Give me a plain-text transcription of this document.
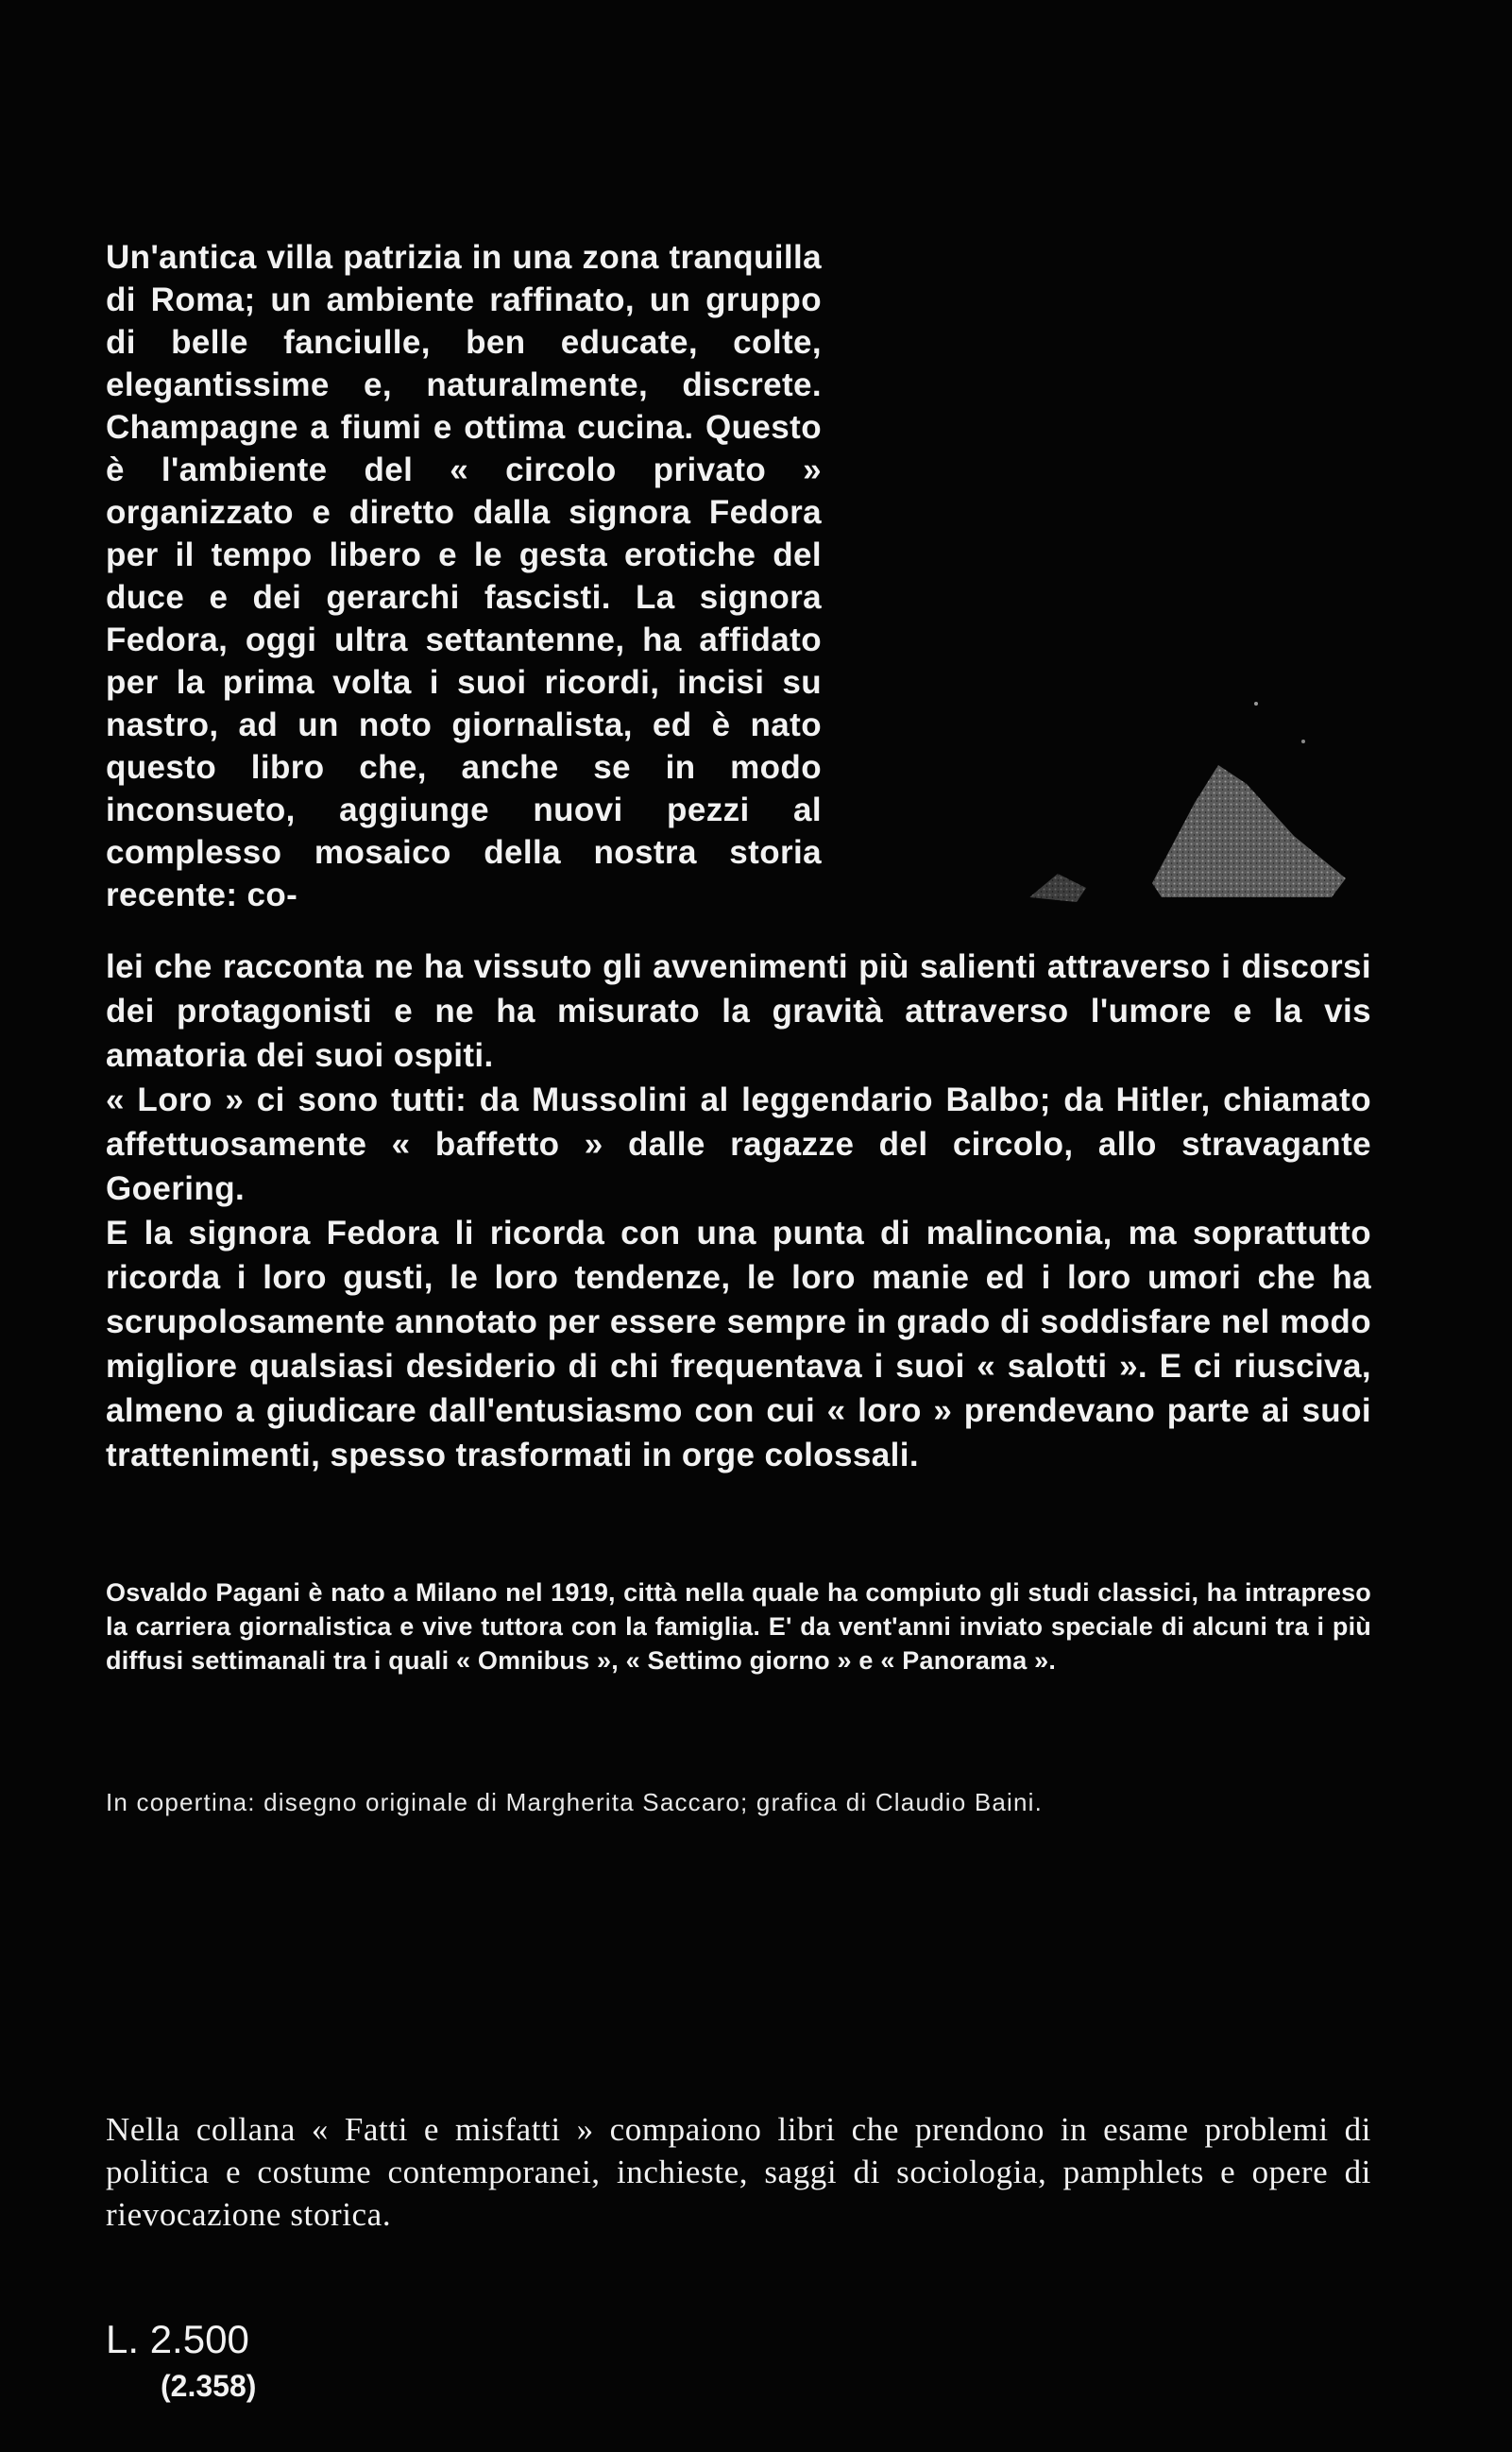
Un'antica villa patrizia in una zona tranquilla di Roma; un ambiente raffinato, un gruppo di belle fanciulle, ben educate, colte, elegantissime e, naturalmente, discrete. Champagne a fiumi e ottima cucina. Questo è l'ambiente del « circolo privato » organizzato e diretto dalla signora Fedora per il tempo libero e le gesta erotiche del duce e dei gerarchi fascisti. La signora Fedora, oggi ultra settantenne, ha affidato per la prima volta i suoi ricordi, incisi su nastro, ad un noto giornalista, ed è nato questo libro che, anche se in modo inconsueto, aggiunge nuovi pezzi al complesso mosaico della nostra storia recente: co-

lei che racconta ne ha vissuto gli avvenimenti più salienti attraverso i discorsi dei protagonisti e ne ha misurato la gravità attraverso l'umore e la vis amatoria dei suoi ospiti.

« Loro » ci sono tutti: da Mussolini al leggendario Balbo; da Hitler, chiamato affettuosamente « baffetto » dalle ragazze del circolo, allo stravagante Goering.

E la signora Fedora li ricorda con una punta di malinconia, ma soprattutto ricorda i loro gusti, le loro tendenze, le loro manie ed i loro umori che ha scrupolosamente annotato per essere sempre in grado di soddisfare nel modo migliore qualsiasi desiderio di chi frequentava i suoi « salotti ». E ci riusciva, almeno a giudicare dall'entusiasmo con cui « loro » prendevano parte ai suoi trattenimenti, spesso trasformati in orge colossali.

Osvaldo Pagani è nato a Milano nel 1919, città nella quale ha compiuto gli studi classici, ha intrapreso la carriera giornalistica e vive tuttora con la famiglia. E' da vent'anni inviato speciale di alcuni tra i più diffusi settimanali tra i quali « Omnibus », « Settimo giorno » e « Panorama ».

In copertina: disegno originale di Margherita Saccaro; grafica di Claudio Baini.

Nella collana « Fatti e misfatti » compaiono libri che prendono in esame problemi di politica e costume contemporanei, inchieste, saggi di sociologia, pamphlets e opere di rievocazione storica.

L. 2.500

(2.358)
